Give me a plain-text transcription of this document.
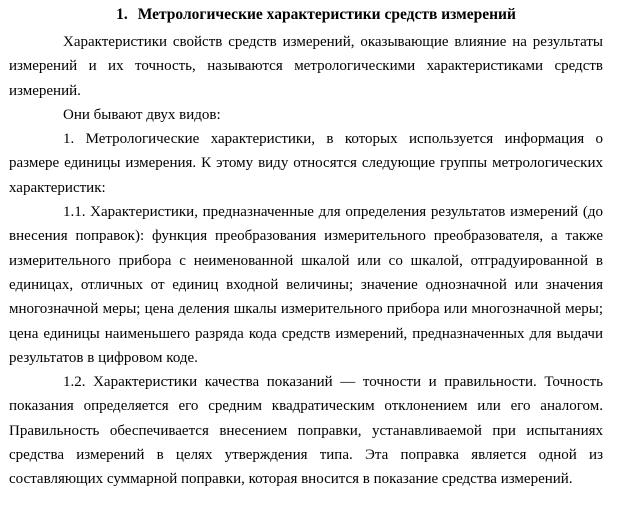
1. Метрологические характеристики средств измерений

Характеристики свойств средств измерений, оказывающие влияние на результаты измерений и их точность, называются метрологическими характеристиками средств измерений.

Они бывают двух видов:

1. Метрологические характеристики, в которых используется информация о размере единицы измерения. К этому виду относятся следующие группы метрологических характеристик:

1.1. Характеристики, предназначенные для определения результатов измерений (до внесения поправок): функция преобразования измерительного преобразователя, а также измерительного прибора с неименованной шкалой или со шкалой, отградуированной в единицах, отличных от единиц входной величины; значение однозначной или значения многозначной меры; цена деления шкалы измерительного прибора или многозначной меры; цена единицы наименьшего разряда кода средств измерений, предназначенных для выдачи результатов в цифровом коде.

1.2. Характеристики качества показаний — точности и правильности. Точность показания определяется его средним квадратическим отклонением или его аналогом. Правильность обеспечивается внесением поправки, устанавливаемой при испытаниях средства измерений в целях утверждения типа. Эта поправка является одной из составляющих суммарной поправки, которая вносится в показание средства измерений.
